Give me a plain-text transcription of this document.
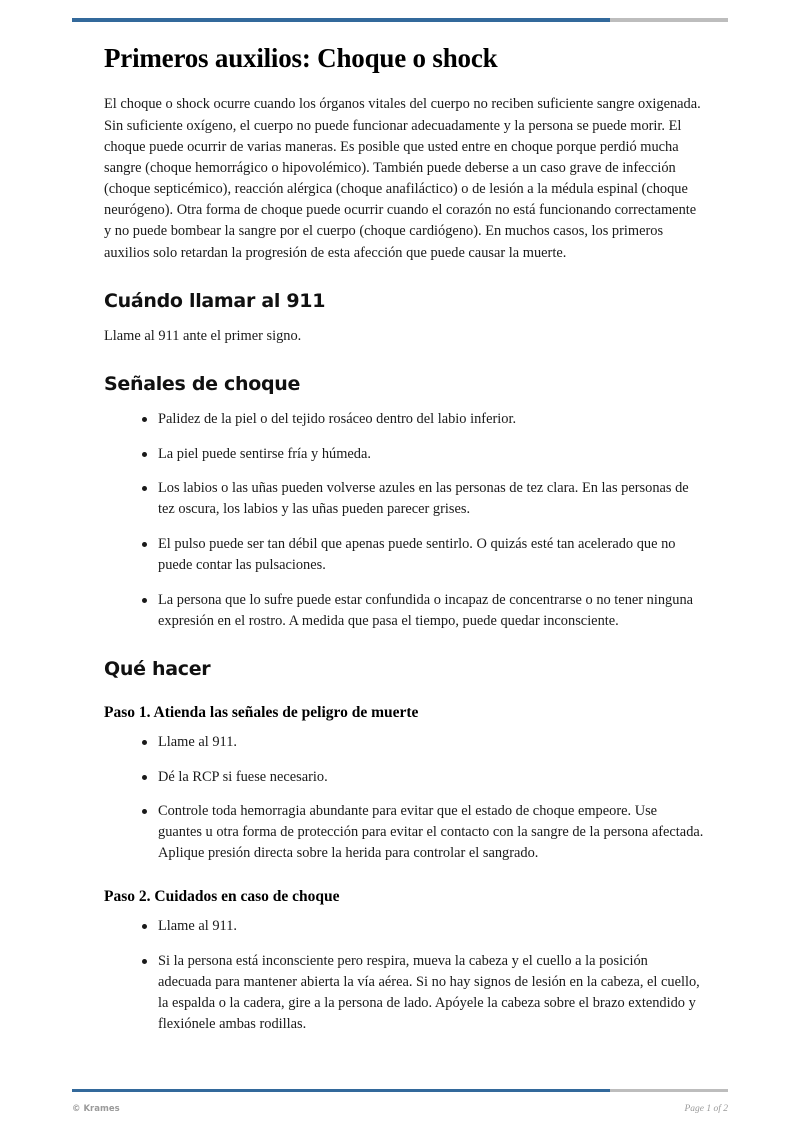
Primeros auxilios: Choque o shock

El choque o shock ocurre cuando los órganos vitales del cuerpo no reciben suficiente sangre oxigenada. Sin suficiente oxígeno, el cuerpo no puede funcionar adecuadamente y la persona se puede morir. El choque puede ocurrir de varias maneras. Es posible que usted entre en choque porque perdió mucha sangre (choque hemorrágico o hipovolémico). También puede deberse a un caso grave de infección (choque septicémico), reacción alérgica (choque anafiláctico) o de lesión a la médula espinal (choque neurógeno). Otra forma de choque puede ocurrir cuando el corazón no está funcionando correctamente y no puede bombear la sangre por el cuerpo (choque cardiógeno). En muchos casos, los primeros auxilios solo retardan la progresión de esta afección que puede causar la muerte.

Cuándo llamar al 911

Llame al 911 ante el primer signo.

Señales de choque
Palidez de la piel o del tejido rosáceo dentro del labio inferior.
La piel puede sentirse fría y húmeda.
Los labios o las uñas pueden volverse azules en las personas de tez clara. En las personas de tez oscura, los labios y las uñas pueden parecer grises.
El pulso puede ser tan débil que apenas puede sentirlo. O quizás esté tan acelerado que no puede contar las pulsaciones.
La persona que lo sufre puede estar confundida o incapaz de concentrarse o no tener ninguna expresión en el rostro. A medida que pasa el tiempo, puede quedar inconsciente.
Qué hacer
Paso 1. Atienda las señales de peligro de muerte
Llame al 911.
Dé la RCP si fuese necesario.
Controle toda hemorragia abundante para evitar que el estado de choque empeore. Use guantes u otra forma de protección para evitar el contacto con la sangre de la persona afectada. Aplique presión directa sobre la herida para controlar el sangrado.
Paso 2. Cuidados en caso de choque
Llame al 911.
Si la persona está inconsciente pero respira, mueva la cabeza y el cuello a la posición adecuada para mantener abierta la vía aérea. Si no hay signos de lesión en la cabeza, el cuello, la espalda o la cadera, gire a la persona de lado. Apóyele la cabeza sobre el brazo extendido y flexiónele ambas rodillas.
© Krames	Page 1 of 2
